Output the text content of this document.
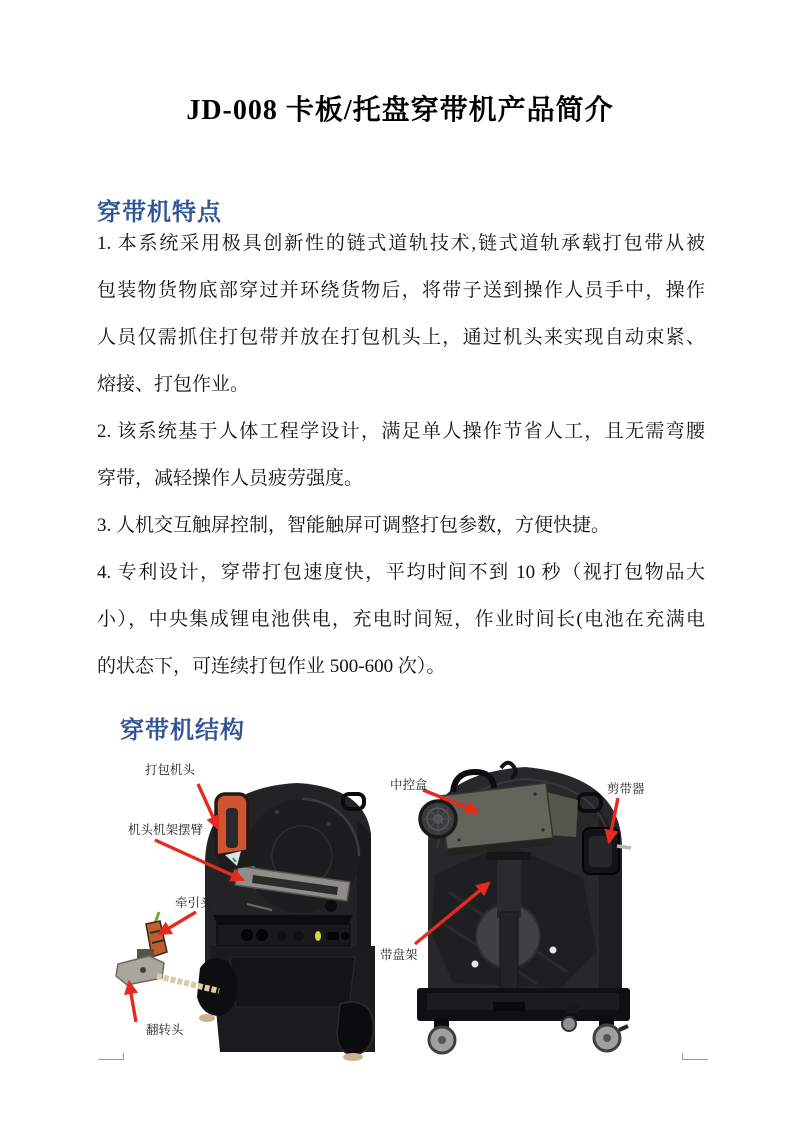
JD-008 卡板/托盘穿带机产品简介
穿带机特点
1. 本系统采用极具创新性的链式道轨技术,链式道轨承载打包带从被
包装物货物底部穿过并环绕货物后，将带子送到操作人员手中，操作
人员仅需抓住打包带并放在打包机头上，通过机头来实现自动束紧、
熔接、打包作业。
2. 该系统基于人体工程学设计，满足单人操作节省人工，且无需弯腰
穿带，减轻操作人员疲劳强度。
3. 人机交互触屏控制，智能触屏可调整打包参数，方便快捷。
4. 专利设计，穿带打包速度快，平均时间不到 10 秒（视打包物品大
小），中央集成锂电池供电，充电时间短，作业时间长(电池在充满电
的状态下，可连续打包作业 500-600 次）。
穿带机结构
打包机头
机头机架摆臂
牵引头
翻转头
中控盒	剪带器
带盘架
